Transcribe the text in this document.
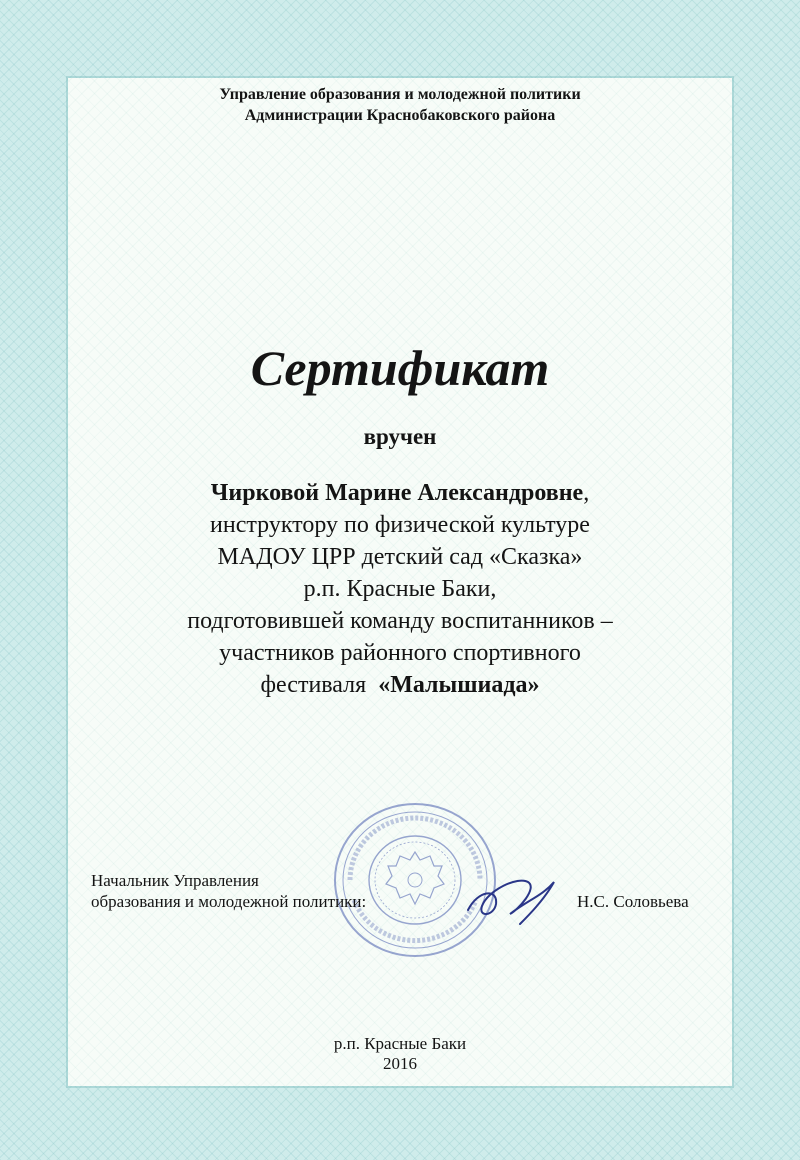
Управление образования и молодежной политики
Администрации Краснобаковского района
Сертификат
вручен
Чирковой Марине Александровне,
инструктору по физической культуре
МАДОУ ЦРР детский сад «Сказка»
р.п. Красные Баки,
подготовившей команду воспитанников –
участников районного спортивного
фестиваля «Малышиада»
Начальник Управления
образования и молодежной политики:	Н.С. Соловьева
р.п. Красные Баки
2016
